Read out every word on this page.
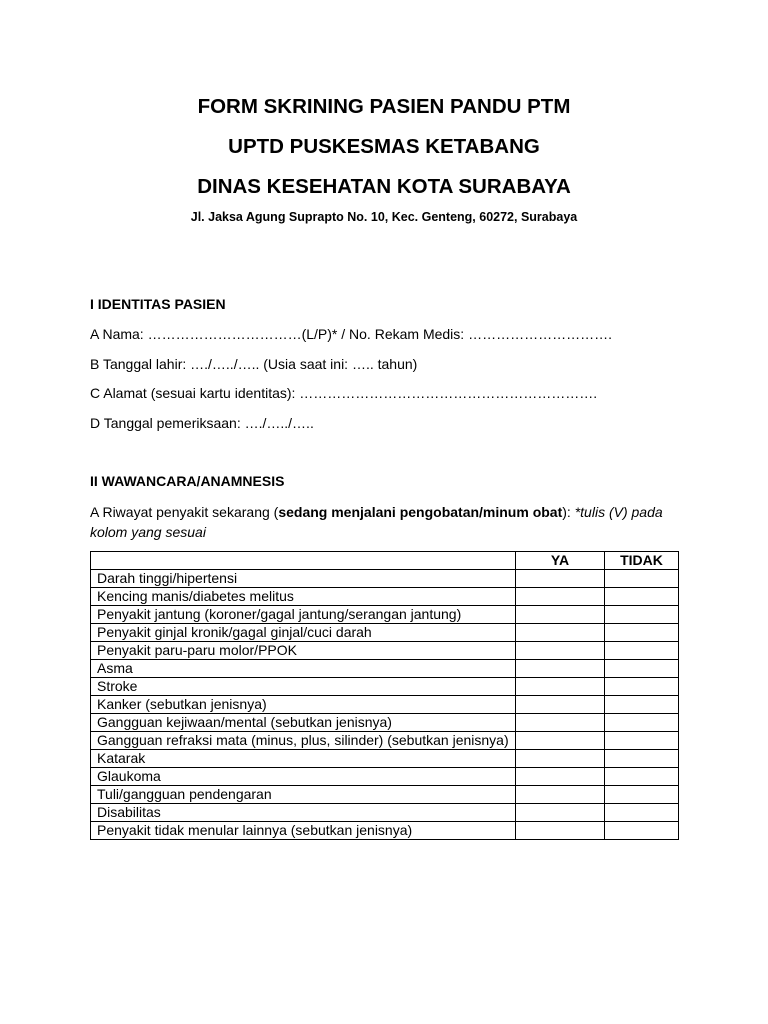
FORM SKRINING PASIEN PANDU PTM
UPTD PUSKESMAS KETABANG
DINAS KESEHATAN KOTA SURABAYA
Jl. Jaksa Agung Suprapto No. 10, Kec. Genteng, 60272, Surabaya
I IDENTITAS PASIEN
A Nama: ……………………………(L/P)* / No. Rekam Medis: ………………………….
B Tanggal lahir: …./…../….. (Usia saat ini: ….. tahun)
C Alamat (sesuai kartu identitas): ……………………………………………………….
D Tanggal pemeriksaan: …./…../…..
II WAWANCARA/ANAMNESIS
A Riwayat penyakit sekarang (sedang menjalani pengobatan/minum obat): *tulis (V) pada kolom yang sesuai
	YA	TIDAK
Darah tinggi/hipertensi		
Kencing manis/diabetes melitus		
Penyakit jantung (koroner/gagal jantung/serangan jantung)		
Penyakit ginjal kronik/gagal ginjal/cuci darah		
Penyakit paru-paru molor/PPOK		
Asma		
Stroke		
Kanker (sebutkan jenisnya)		
Gangguan kejiwaan/mental (sebutkan jenisnya)		
Gangguan refraksi mata (minus, plus, silinder) (sebutkan jenisnya)		
Katarak		
Glaukoma		
Tuli/gangguan pendengaran		
Disabilitas		
Penyakit tidak menular lainnya (sebutkan jenisnya)		
